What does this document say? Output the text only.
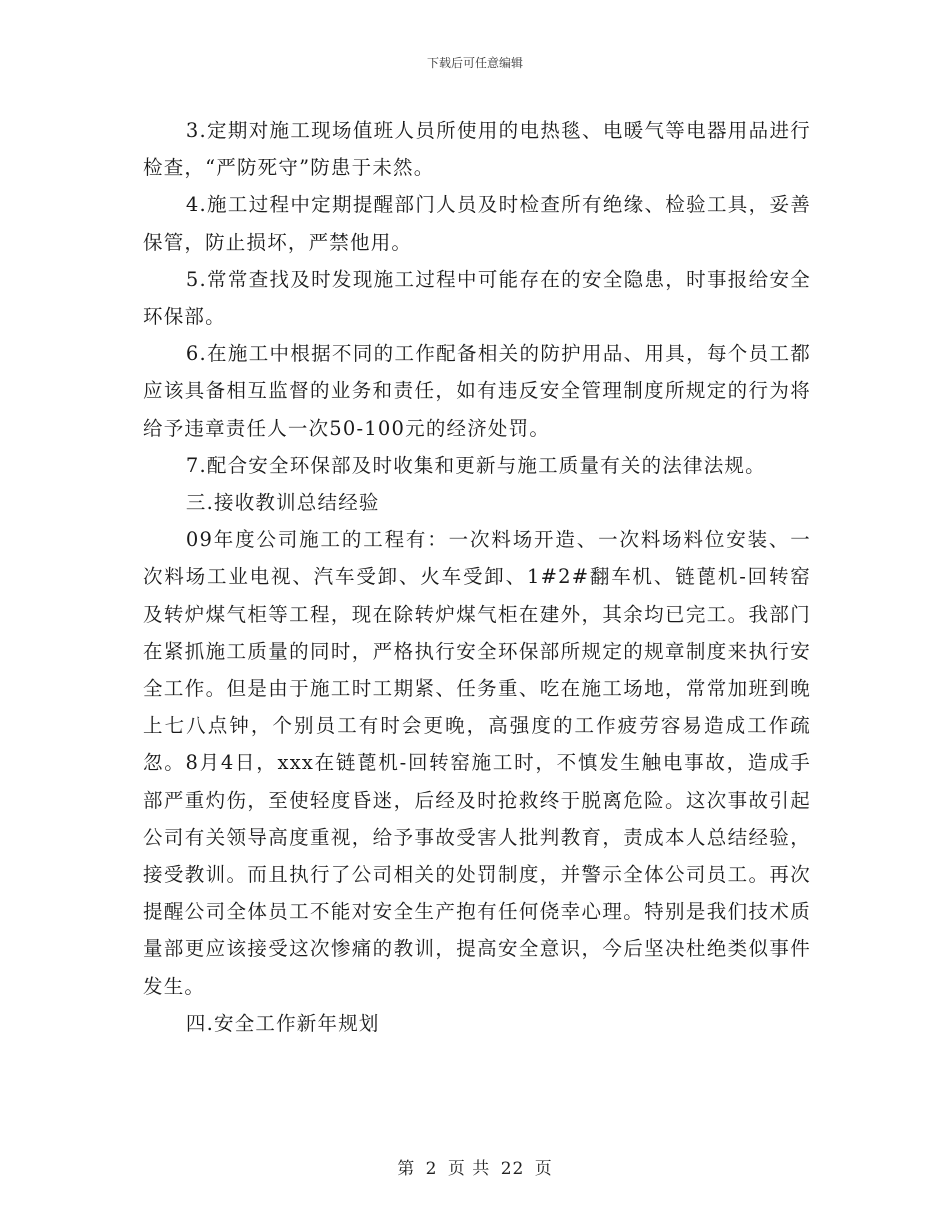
下载后可任意编辑

3.定期对施工现场值班人员所使用的电热毯、电暖气等电器用品进行检查，“严防死守”防患于未然。

4.施工过程中定期提醒部门人员及时检查所有绝缘、检验工具，妥善保管，防止损坏，严禁他用。

5.常常查找及时发现施工过程中可能存在的安全隐患，时事报给安全环保部。

6.在施工中根据不同的工作配备相关的防护用品、用具，每个员工都应该具备相互监督的业务和责任，如有违反安全管理制度所规定的行为将给予违章责任人一次50-100元的经济处罚。

7.配合安全环保部及时收集和更新与施工质量有关的法律法规。

三.接收教训总结经验

09年度公司施工的工程有：一次料场开造、一次料场料位安装、一次料场工业电视、汽车受卸、火车受卸、1#2#翻车机、链蓖机-回转窑及转炉煤气柜等工程，现在除转炉煤气柜在建外，其余均已完工。我部门在紧抓施工质量的同时，严格执行安全环保部所规定的规章制度来执行安全工作。但是由于施工时工期紧、任务重、吃在施工场地，常常加班到晚上七八点钟，个别员工有时会更晚，高强度的工作疲劳容易造成工作疏忽。8月4日，xxx在链蓖机-回转窑施工时，不慎发生触电事故，造成手部严重灼伤，至使轻度昏迷，后经及时抢救终于脱离危险。这次事故引起公司有关领导高度重视，给予事故受害人批判教育，责成本人总结经验，接受教训。而且执行了公司相关的处罚制度，并警示全体公司员工。再次提醒公司全体员工不能对安全生产抱有任何侥幸心理。特别是我们技术质量部更应该接受这次惨痛的教训，提高安全意识，今后坚决杜绝类似事件发生。

四.安全工作新年规划

第 2 页 共 22 页
